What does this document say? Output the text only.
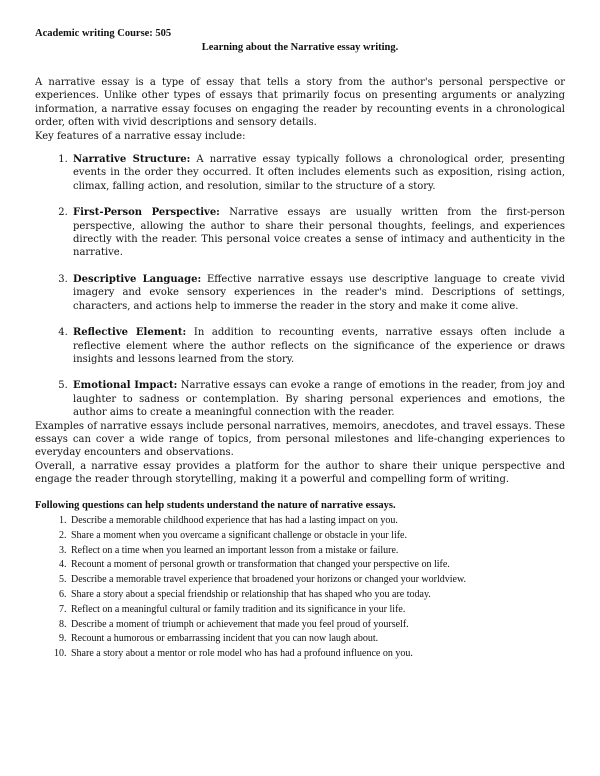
Academic writing Course: 505
Learning about the Narrative essay writing.

A narrative essay is a type of essay that tells a story from the author's personal perspective or experiences. Unlike other types of essays that primarily focus on presenting arguments or analyzing information, a narrative essay focuses on engaging the reader by recounting events in a chronological order, often with vivid descriptions and sensory details.

Key features of a narrative essay include:

1. Narrative Structure: A narrative essay typically follows a chronological order, presenting events in the order they occurred. It often includes elements such as exposition, rising action, climax, falling action, and resolution, similar to the structure of a story.
2. First-Person Perspective: Narrative essays are usually written from the first-person perspective, allowing the author to share their personal thoughts, feelings, and experiences directly with the reader. This personal voice creates a sense of intimacy and authenticity in the narrative.
3. Descriptive Language: Effective narrative essays use descriptive language to create vivid imagery and evoke sensory experiences in the reader's mind. Descriptions of settings, characters, and actions help to immerse the reader in the story and make it come alive.
4. Reflective Element: In addition to recounting events, narrative essays often include a reflective element where the author reflects on the significance of the experience or draws insights and lessons learned from the story.
5. Emotional Impact: Narrative essays can evoke a range of emotions in the reader, from joy and laughter to sadness or contemplation. By sharing personal experiences and emotions, the author aims to create a meaningful connection with the reader.

Examples of narrative essays include personal narratives, memoirs, anecdotes, and travel essays. These essays can cover a wide range of topics, from personal milestones and life-changing experiences to everyday encounters and observations.

Overall, a narrative essay provides a platform for the author to share their unique perspective and engage the reader through storytelling, making it a powerful and compelling form of writing.

Following questions can help students understand the nature of narrative essays.

1. Describe a memorable childhood experience that has had a lasting impact on you.
2. Share a moment when you overcame a significant challenge or obstacle in your life.
3. Reflect on a time when you learned an important lesson from a mistake or failure.
4. Recount a moment of personal growth or transformation that changed your perspective on life.
5. Describe a memorable travel experience that broadened your horizons or changed your worldview.
6. Share a story about a special friendship or relationship that has shaped who you are today.
7. Reflect on a meaningful cultural or family tradition and its significance in your life.
8. Describe a moment of triumph or achievement that made you feel proud of yourself.
9. Recount a humorous or embarrassing incident that you can now laugh about.
10. Share a story about a mentor or role model who has had a profound influence on you.
